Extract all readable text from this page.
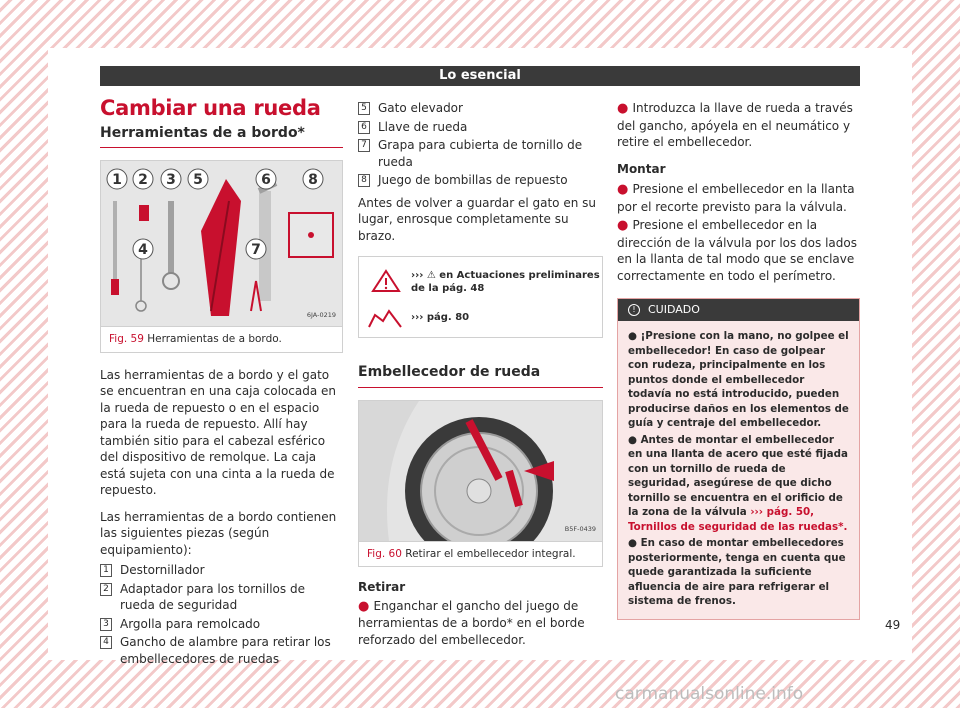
Lo esencial
Cambiar una rueda
Herramientas de a bordo*
1 2 3 5	6	8
4	7
6JA-0219
Fig. 59 Herramientas de a bordo.

Las herramientas de a bordo y el gato se encuentran en una caja colocada en la rueda de repuesto o en el espacio para la rueda de repuesto. Allí hay también sitio para el cabezal esférico del dispositivo de remolque. La caja está sujeta con una cinta a la rueda de repuesto.

Las herramientas de a bordo contienen las siguientes piezas (según equipamiento):

1 Destornillador
2 Adaptador para los tornillos de rueda de seguridad
3 Argolla para remolcado
4 Gancho de alambre para retirar los embellecedores de ruedas
5 Gato elevador
6 Llave de rueda
7 Grapa para cubierta de tornillo de rueda
8 Juego de bombillas de repuesto

Antes de volver a guardar el gato en su lugar, enrosque completamente su brazo.

››› ⚠ en Actuaciones preliminares de la pág. 48
››› pág. 80
Embellecedor de rueda
B5F-0439
Fig. 60 Retirar el embellecedor integral.

Retirar

● Enganchar el gancho del juego de herramientas de a bordo* en el borde reforzado del embellecedor.

● Introduzca la llave de rueda a través del gancho, apóyela en el neumático y retire el embellecedor.

Montar

● Presione el embellecedor en la llanta por el recorte previsto para la válvula.

● Presione el embellecedor en la dirección de la válvula por los dos lados en la llanta de tal modo que se enclave correctamente en todo el perímetro.

! CUIDADO
● ¡Presione con la mano, no golpee el embellecedor! En caso de golpear con rudeza, principalmente en los puntos donde el embellecedor todavía no está introducido, pueden producirse daños en los elementos de guía y centraje del embellecedor.
● Antes de montar el embellecedor en una llanta de acero que esté fijada con un tornillo de rueda de seguridad, asegúrese de que dicho tornillo se encuentra en el orificio de la zona de la válvula ››› pág. 50, Tornillos de seguridad de las ruedas*.
● En caso de montar embellecedores posteriormente, tenga en cuenta que quede garantizada la suficiente afluencia de aire para refrigerar el sistema de frenos.
49
carmanualsonline.info
